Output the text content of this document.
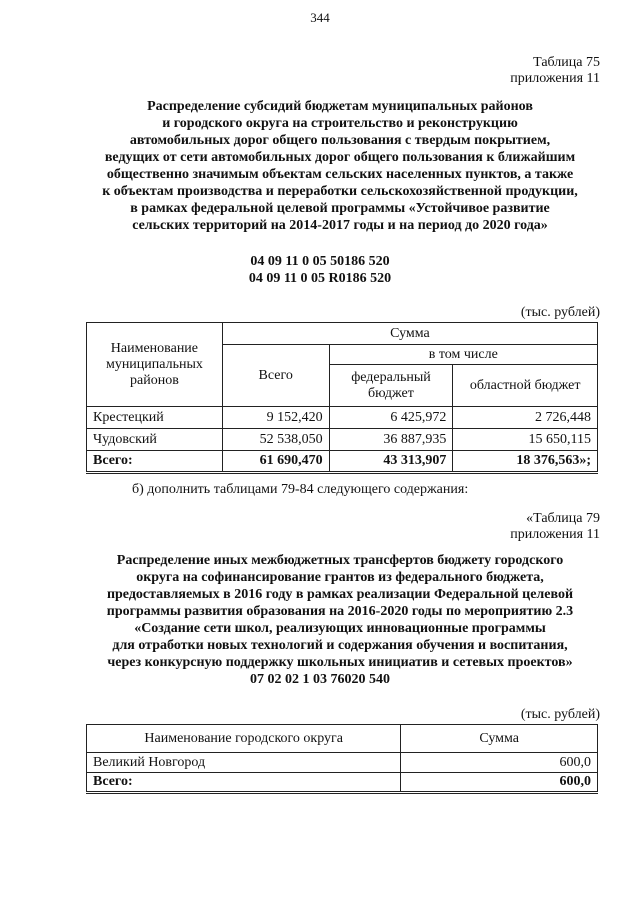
344
Таблица 75
приложения 11
Распределение субсидий бюджетам муниципальных районов
и городского округа на строительство и реконструкцию
автомобильных дорог общего пользования с твердым покрытием,
ведущих от сети автомобильных дорог общего пользования к ближайшим
общественно значимым объектам сельских населенных пунктов, а также
к объектам производства и переработки сельскохозяйственной продукции,
в рамках федеральной целевой программы «Устойчивое развитие
сельских территорий на 2014-2017 годы и на период до 2020 года»
04 09 11 0 05 50186 520
04 09 11 0 05 R0186 520
(тыс. рублей)
Наименование муниципальных районов	Сумма		
	Всего	в том числе	
		федеральный бюджет	областной бюджет
Крестецкий	9 152,420	6 425,972	2 726,448
Чудовский	52 538,050	36 887,935	15 650,115
Всего:	61 690,470	43 313,907	18 376,563»;
б) дополнить таблицами 79-84 следующего содержания:
«Таблица 79
приложения 11
Распределение иных межбюджетных трансфертов бюджету городского
округа на софинансирование грантов из федерального бюджета,
предоставляемых в 2016 году в рамках реализации Федеральной целевой
программы развития образования на 2016-2020 годы по мероприятию 2.3
«Создание сети школ, реализующих инновационные программы
для отработки новых технологий и содержания обучения и воспитания,
через конкурсную поддержку школьных инициатив и сетевых проектов»
07 02 02 1 03 76020 540
(тыс. рублей)
Наименование городского округа	Сумма
Великий Новгород	600,0
Всего:	600,0
